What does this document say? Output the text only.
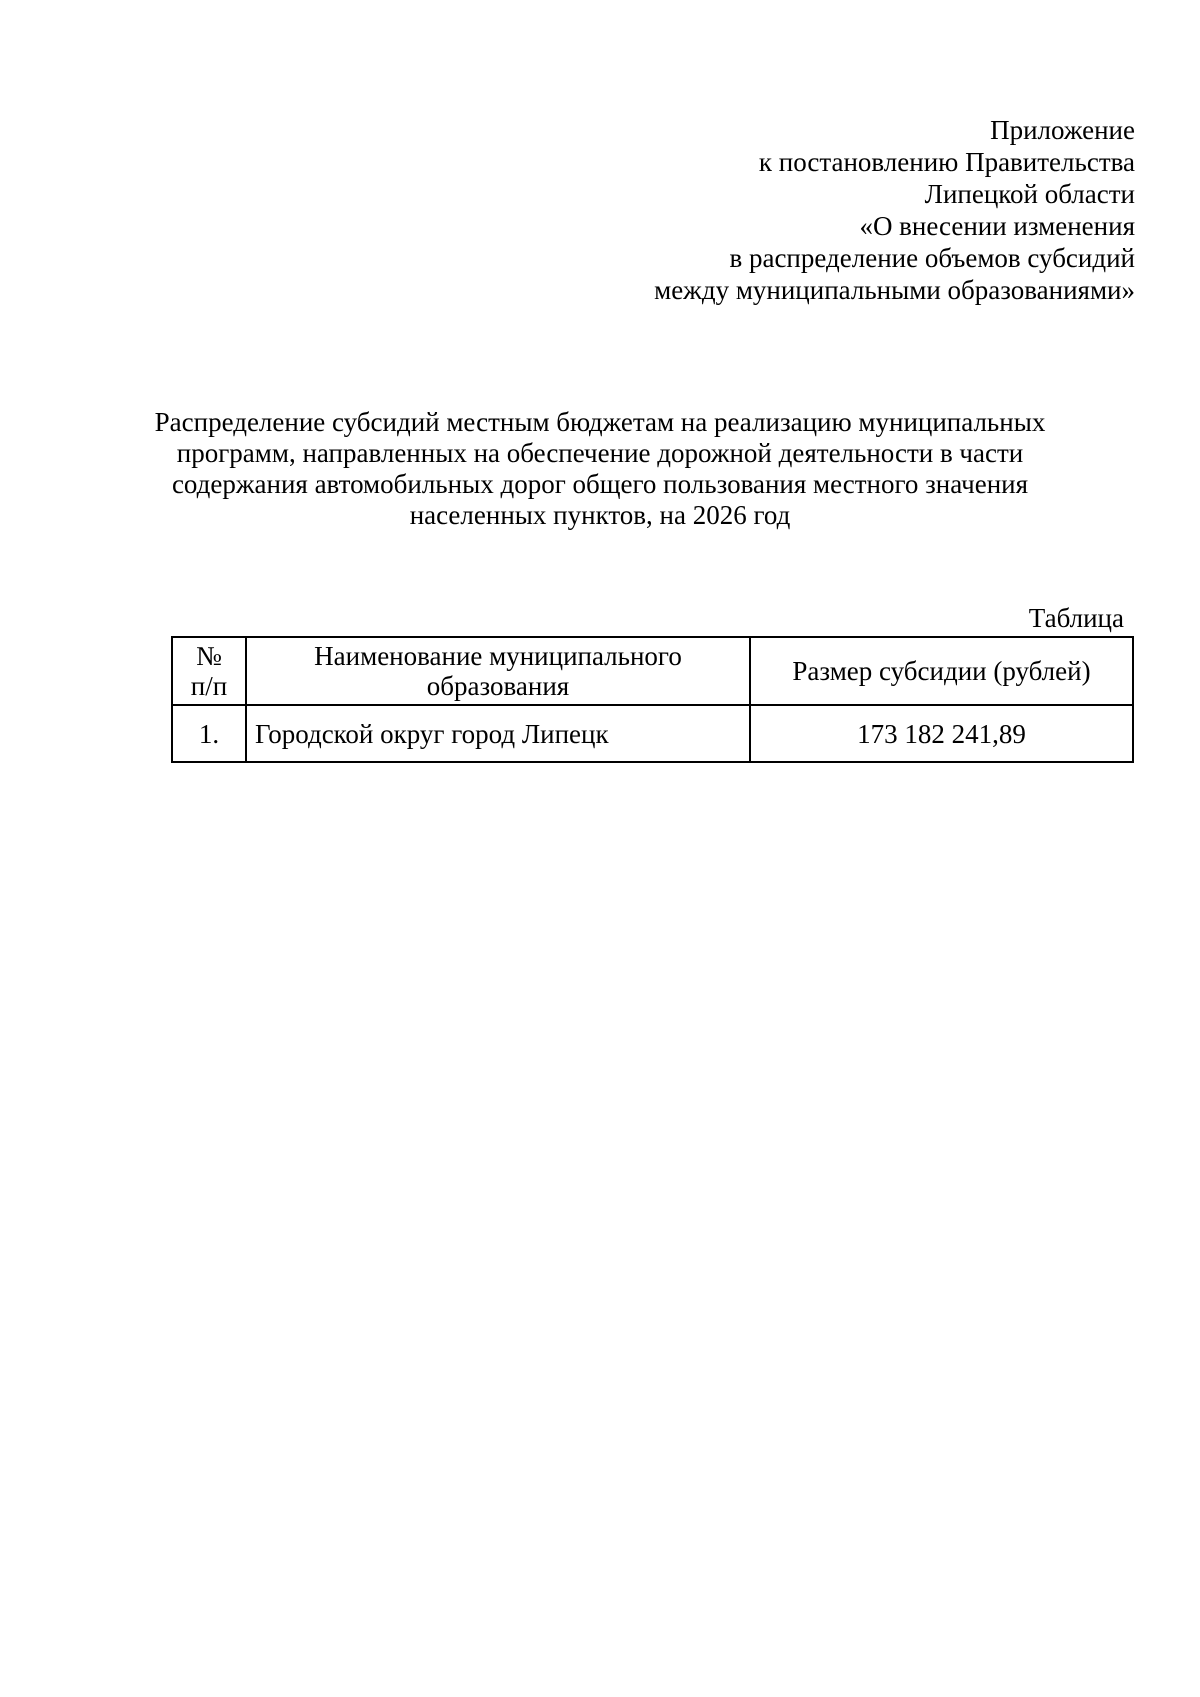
Приложение
к постановлению Правительства
Липецкой области
«О внесении изменения
в распределение объемов субсидий
между муниципальными образованиями»
Распределение субсидий местным бюджетам на реализацию муниципальных
программ, направленных на обеспечение дорожной деятельности в части
содержания автомобильных дорог общего пользования местного значения
населенных пунктов, на 2026 год
Таблица
№
п/п	Наименование муниципального образования	Размер субсидии (рублей)
1.	Городской округ город Липецк	173 182 241,89
